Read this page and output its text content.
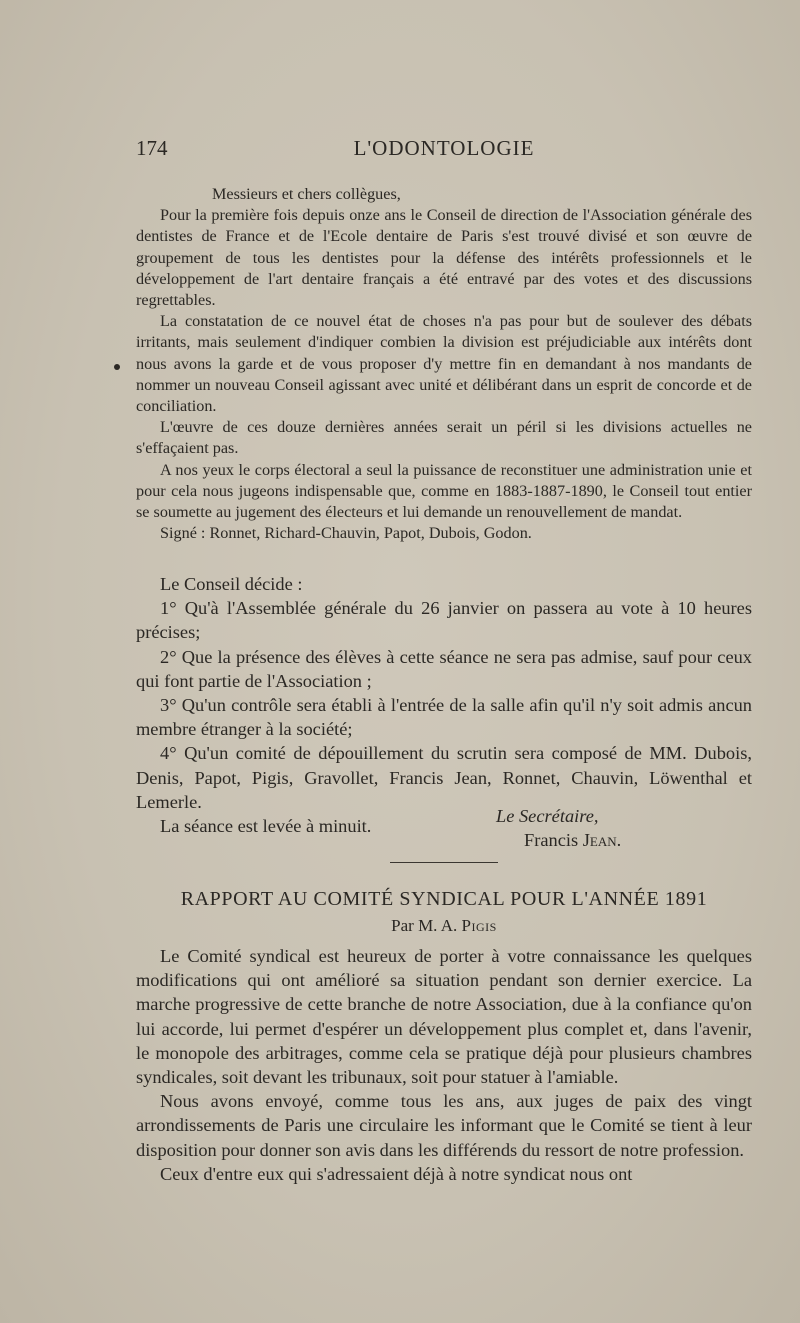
174	L'ODONTOLOGIE

Messieurs et chers collègues,

Pour la première fois depuis onze ans le Conseil de direction de l'Association générale des dentistes de France et de l'Ecole dentaire de Paris s'est trouvé divisé et son œuvre de groupement de tous les dentistes pour la défense des intérêts professionnels et le développement de l'art dentaire français a été entravé par des votes et des discussions regrettables.

La constatation de ce nouvel état de choses n'a pas pour but de soulever des débats irritants, mais seulement d'indiquer combien la division est préjudiciable aux intérêts dont nous avons la garde et de vous proposer d'y mettre fin en demandant à nos mandants de nommer un nouveau Conseil agissant avec unité et délibérant dans un esprit de concorde et de conciliation.

L'œuvre de ces douze dernières années serait un péril si les divisions actuelles ne s'effaçaient pas.

A nos yeux le corps électoral a seul la puissance de reconstituer une administration unie et pour cela nous jugeons indispensable que, comme en 1883-1887-1890, le Conseil tout entier se soumette au jugement des électeurs et lui demande un renouvellement de mandat.

Signé : Ronnet, Richard-Chauvin, Papot, Dubois, Godon.

Le Conseil décide :

1° Qu'à l'Assemblée générale du 26 janvier on passera au vote à 10 heures précises;

2° Que la présence des élèves à cette séance ne sera pas admise, sauf pour ceux qui font partie de l'Association ;

3° Qu'un contrôle sera établi à l'entrée de la salle afin qu'il n'y soit admis ancun membre étranger à la société;

4° Qu'un comité de dépouillement du scrutin sera composé de MM. Dubois, Denis, Papot, Pigis, Gravollet, Francis Jean, Ronnet, Chauvin, Löwenthal et Lemerle.

La séance est levée à minuit.

Le Secrétaire,
Francis Jean.
RAPPORT AU COMITÉ SYNDICAL POUR L'ANNÉE 1891
Par M. A. Pigis

Le Comité syndical est heureux de porter à votre connaissance les quelques modifications qui ont amélioré sa situation pendant son dernier exercice. La marche progressive de cette branche de notre Association, due à la confiance qu'on lui accorde, lui permet d'espérer un développement plus complet et, dans l'avenir, le monopole des arbitrages, comme cela se pratique déjà pour plusieurs chambres syndicales, soit devant les tribunaux, soit pour statuer à l'amiable.

Nous avons envoyé, comme tous les ans, aux juges de paix des vingt arrondissements de Paris une circulaire les informant que le Comité se tient à leur disposition pour donner son avis dans les différends du ressort de notre profession.

Ceux d'entre eux qui s'adressaient déjà à notre syndicat nous ont
